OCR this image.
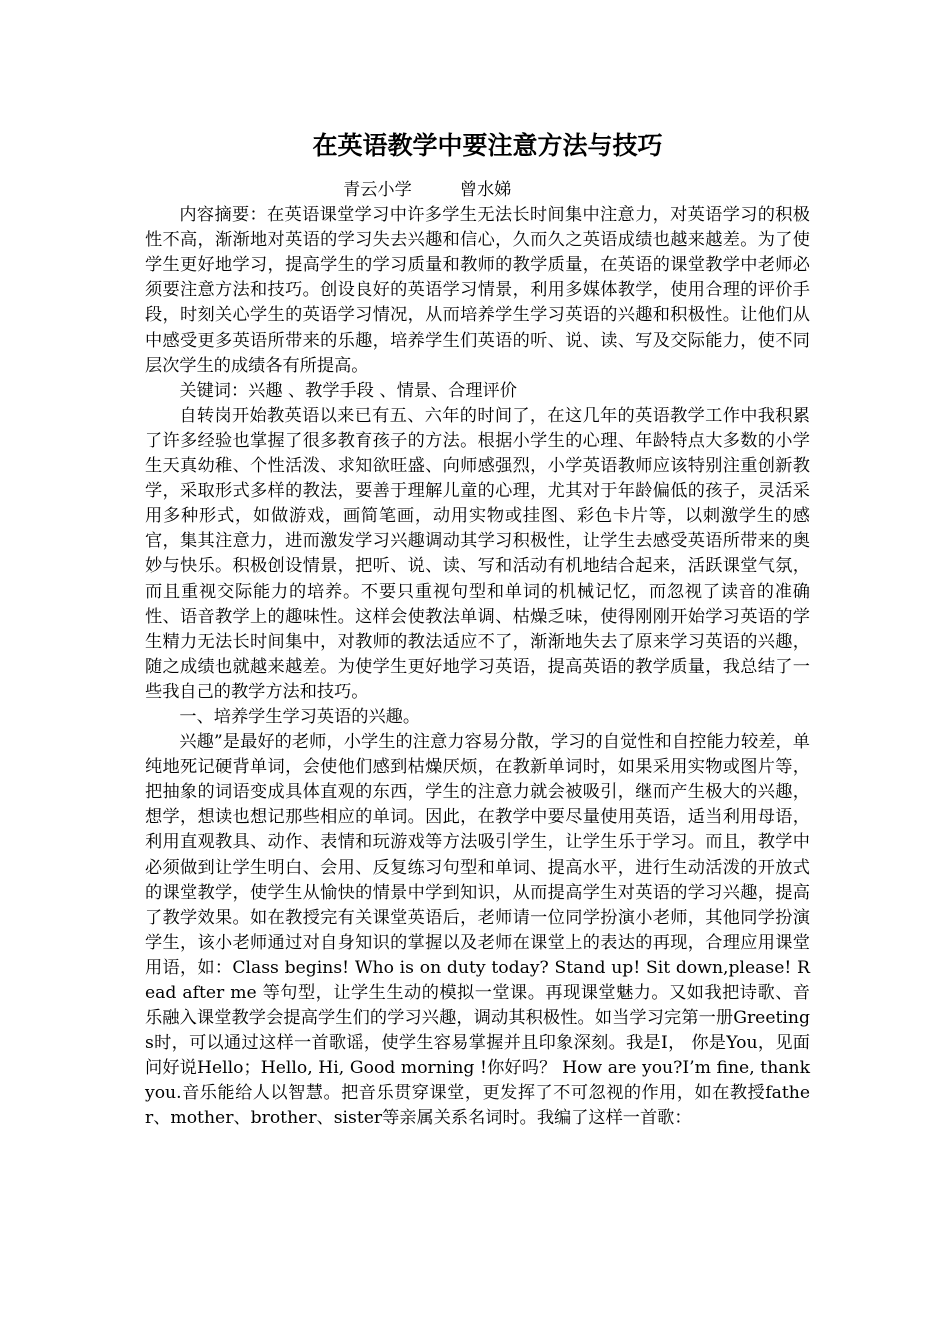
在英语教学中要注意方法与技巧
青云小学	曾水娣

内容摘要：在英语课堂学习中许多学生无法长时间集中注意力，对英语学习的积极性不高，渐渐地对英语的学习失去兴趣和信心，久而久之英语成绩也越来越差。为了使学生更好地学习，提高学生的学习质量和教师的教学质量，在英语的课堂教学中老师必须要注意方法和技巧。创设良好的英语学习情景，利用多媒体教学，使用合理的评价手段，时刻关心学生的英语学习情况，从而培养学生学习英语的兴趣和积极性。让他们从中感受更多英语所带来的乐趣，培养学生们英语的听、说、读、写及交际能力，使不同层次学生的成绩各有所提高。

关键词：兴趣 、教学手段 、情景、合理评价

自转岗开始教英语以来已有五、六年的时间了，在这几年的英语教学工作中我积累了许多经验也掌握了很多教育孩子的方法。根据小学生的心理、年龄特点大多数的小学生天真幼稚、个性活泼、求知欲旺盛、向师感强烈，小学英语教师应该特别注重创新教学，采取形式多样的教法，要善于理解儿童的心理，尤其对于年龄偏低的孩子，灵活采用多种形式，如做游戏，画简笔画，动用实物或挂图、彩色卡片等，以刺激学生的感官，集其注意力，进而激发学习兴趣调动其学习积极性，让学生去感受英语所带来的奥妙与快乐。积极创设情景，把听、说、读、写和活动有机地结合起来，活跃课堂气氛，而且重视交际能力的培养。不要只重视句型和单词的机械记忆，而忽视了读音的准确性、语音教学上的趣味性。这样会使教法单调、枯燥乏味，使得刚刚开始学习英语的学生精力无法长时间集中，对教师的教法适应不了，渐渐地失去了原来学习英语的兴趣，随之成绩也就越来越差。为使学生更好地学习英语，提高英语的教学质量，我总结了一些我自己的教学方法和技巧。

一、培养学生学习英语的兴趣。

兴趣”是最好的老师，小学生的注意力容易分散，学习的自觉性和自控能力较差，单纯地死记硬背单词，会使他们感到枯燥厌烦，在教新单词时，如果采用实物或图片等，把抽象的词语变成具体直观的东西，学生的注意力就会被吸引，继而产生极大的兴趣，想学，想读也想记那些相应的单词。因此，在教学中要尽量使用英语，适当利用母语，利用直观教具、动作、表情和玩游戏等方法吸引学生，让学生乐于学习。而且，教学中必须做到让学生明白、会用、反复练习句型和单词、提高水平，进行生动活泼的开放式的课堂教学，使学生从愉快的情景中学到知识，从而提高学生对英语的学习兴趣，提高了教学效果。如在教授完有关课堂英语后，老师请一位同学扮演小老师，其他同学扮演学生，该小老师通过对自身知识的掌握以及老师在课堂上的表达的再现，合理应用课堂用语，如：Class begins! Who is on duty today? Stand up! Sit down,please! Read after me 等句型，让学生生动的模拟一堂课。再现课堂魅力。又如我把诗歌、音乐融入课堂教学会提高学生们的学习兴趣，调动其积极性。如当学习完第一册Greetings时，可以通过这样一首歌谣，使学生容易掌握并且印象深刻。我是I， 你是You，见面问好说Hello；Hello, Hi, Good morning !你好吗？ How are you?I’m fine, thank you.音乐能给人以智慧。把音乐贯穿课堂，更发挥了不可忽视的作用，如在教授father、mother、brother、sister等亲属关系名词时。我编了这样一首歌：
